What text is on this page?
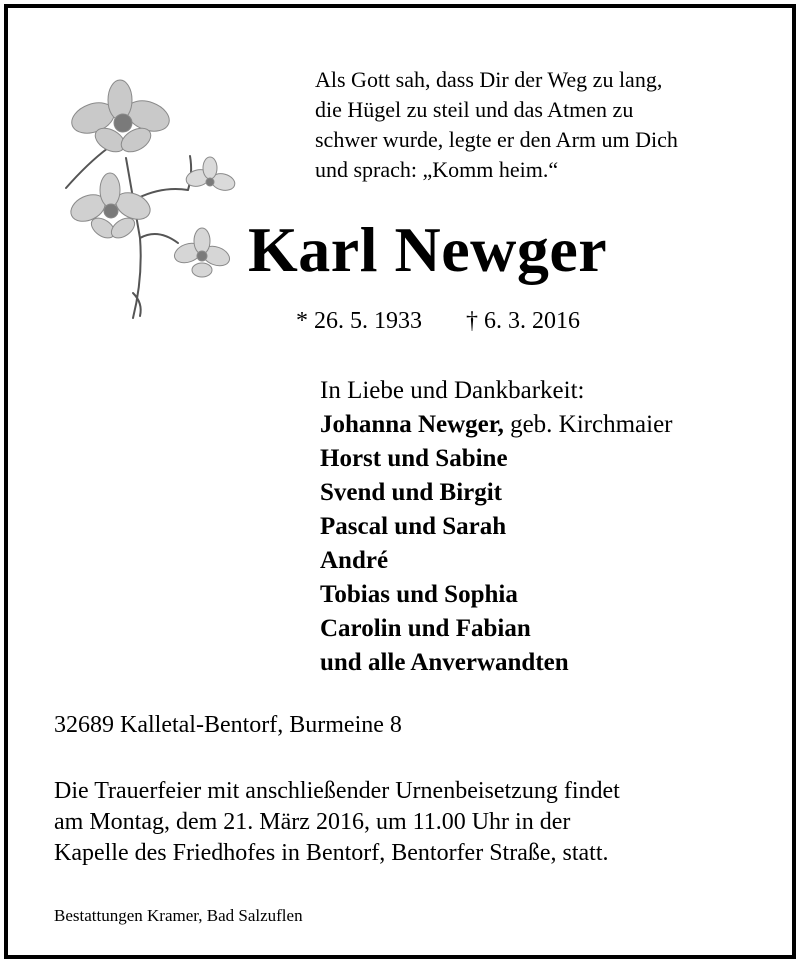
Als Gott sah, dass Dir der Weg zu lang,
die Hügel zu steil und das Atmen zu
schwer wurde, legte er den Arm um Dich
und sprach: „Komm heim.“
Karl Newger
* 26. 5. 1933 † 6. 3. 2016
In Liebe und Dankbarkeit:
Johanna Newger, geb. Kirchmaier
Horst und Sabine
Svend und Birgit
Pascal und Sarah
André
Tobias und Sophia
Carolin und Fabian
und alle Anverwandten
32689 Kalletal-Bentorf, Burmeine 8
Die Trauerfeier mit anschließender Urnenbeisetzung findet
am Montag, dem 21. März 2016, um 11.00 Uhr in der
Kapelle des Friedhofes in Bentorf, Bentorfer Straße, statt.
Bestattungen Kramer, Bad Salzuflen
